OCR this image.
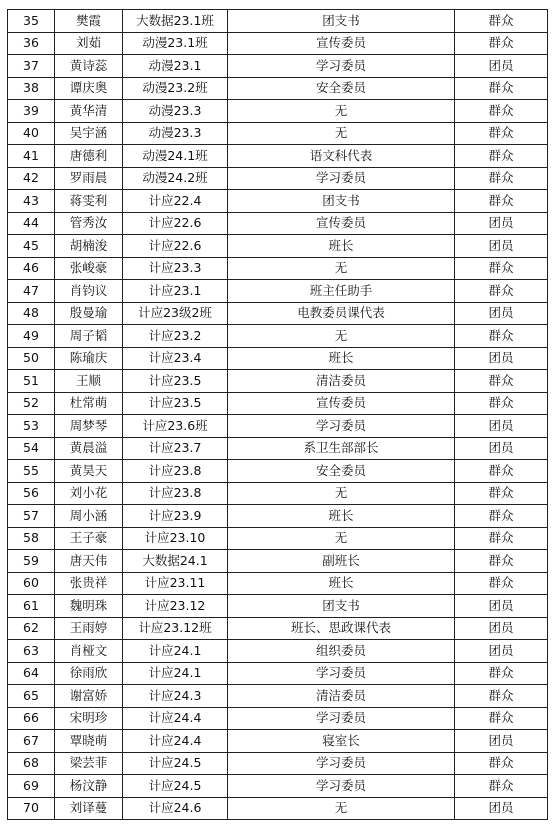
35	樊霞	大数据23.1班	团支书	群众
36	刘茹	动漫23.1班	宣传委员	群众
37	黄诗蕊	动漫23.1	学习委员	团员
38	谭庆奥	动漫23.2班	安全委员	群众
39	黄华清	动漫23.3	无	群众
40	吴宇涵	动漫23.3	无	群众
41	唐德利	动漫24.1班	语文科代表	群众
42	罗雨晨	动漫24.2班	学习委员	群众
43	蒋雯利	计应22.4	团支书	群众
44	管秀汝	计应22.6	宣传委员	团员
45	胡楠浚	计应22.6	班长	团员
46	张峻豪	计应23.3	无	群众
47	肖钧议	计应23.1	班主任助手	群众
48	殷曼瑜	计应23级2班	电教委员课代表	团员
49	周子韬	计应23.2	无	群众
50	陈瑜庆	计应23.4	班长	团员
51	王顺	计应23.5	清洁委员	群众
52	杜常萌	计应23.5	宣传委员	群众
53	周梦琴	计应23.6班	学习委员	团员
54	黄晨溢	计应23.7	系卫生部部长	团员
55	黄昊天	计应23.8	安全委员	群众
56	刘小花	计应23.8	无	群众
57	周小涵	计应23.9	班长	群众
58	王子豪	计应23.10	无	群众
59	唐天伟	大数据24.1	副班长	群众
60	张贵祥	计应23.11	班长	群众
61	魏明珠	计应23.12	团支书	团员
62	王雨婷	计应23.12班	班长、思政课代表	团员
63	肖桠文	计应24.1	组织委员	团员
64	徐雨欣	计应24.1	学习委员	群众
65	谢富娇	计应24.3	清洁委员	群众
66	宋明珍	计应24.4	学习委员	群众
67	覃晓萌	计应24.4	寝室长	团员
68	梁芸菲	计应24.5	学习委员	群众
69	杨汶静	计应24.5	学习委员	群众
70	刘译蔓	计应24.6	无	团员
